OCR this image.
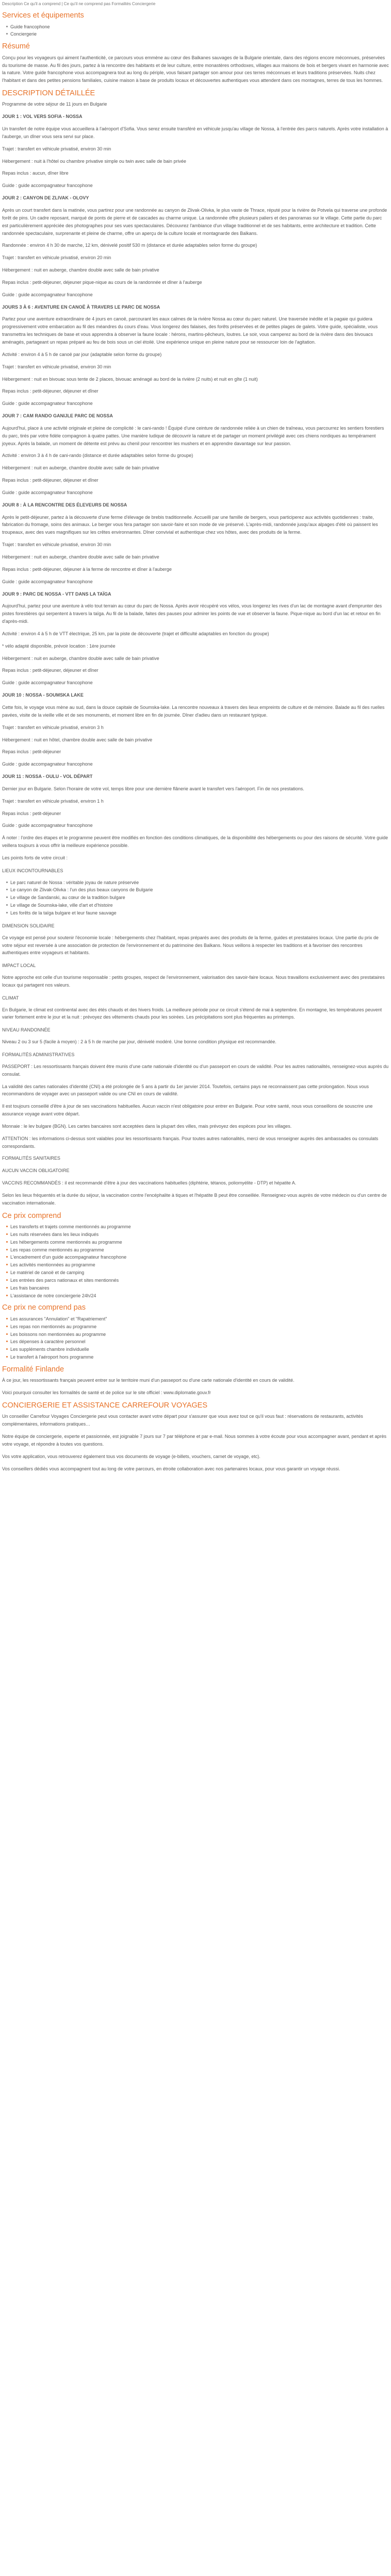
Description Ce qu'il a comprend | Ce qu'il ne comprend pas Formalités Conciergerie
Services et équipements
Guide francophone
Conciergerie
Résumé

Conçu pour les voyageurs qui aiment l'authenticité, ce parcours vous emmène au cœur des Balkanes sauvages de la Bulgarie orientale, dans des régions encore méconnues, préservées du tourisme de masse. Au fil des jours, partez à la rencontre des habitants et de leur culture, entre monastères orthodoxes, villages aux maisons de bois et bergers vivant en harmonie avec la nature. Votre guide francophone vous accompagnera tout au long du périple, vous faisant partager son amour pour ces terres méconnues et leurs traditions préservées. Nuits chez l'habitant et dans des petites pensions familiales, cuisine maison à base de produits locaux et découvertes authentiques vous attendent dans ces montagnes, terres de tous les hommes.

DESCRIPTION DÉTAILLÉE

Programme de votre séjour de 11 jours en Bulgarie

JOUR 1 : VOL VERS SOFIA - NOSSA

Un transfert de notre équipe vous accueillera à l'aéroport d'Sofia. Vous serez ensuite transféré en véhicule jusqu'au village de Nossa, à l'entrée des parcs naturels. Après votre installation à l'auberge, un dîner vous sera servi sur place.

Trajet : transfert en véhicule privatisé, environ 30 min

Hébergement : nuit à l'hôtel ou chambre privative simple ou twin avec salle de bain privée

Repas inclus : aucun, dîner libre

Guide : guide accompagnateur francophone

JOUR 2 : CANYON DE ZLIVAK - OLOVY

Après un court transfert dans la matinée, vous partirez pour une randonnée au canyon de Zlivak-Olivka, le plus vaste de Thrace, réputé pour la rivière de Potvela qui traverse une profonde forêt de pins. Un cadre reposant, marqué de ponts de pierre et de cascades au charme unique. La randonnée offre plusieurs paliers et des panoramas sur le village. Cette partie du parc est particulièrement appréciée des photographes pour ses vues spectaculaires. Découvrez l'ambiance d'un village traditionnel et de ses habitants, entre architecture et tradition. Cette randonnée spectaculaire, surprenante et pleine de charme, offre un aperçu de la culture locale et montagnarde des Balkans.

Randonnée : environ 4 h 30 de marche, 12 km, dénivelé positif 530 m (distance et durée adaptables selon forme du groupe)

Trajet : transfert en véhicule privatisé, environ 20 min

Hébergement : nuit en auberge, chambre double avec salle de bain privative

Repas inclus : petit-déjeuner, déjeuner pique-nique au cours de la randonnée et dîner à l'auberge

Guide : guide accompagnateur francophone

JOURS 3 À 6 : AVENTURE EN CANOË À TRAVERS LE PARC DE NOSSA

Partez pour une aventure extraordinaire de 4 jours en canoë, parcourant les eaux calmes de la rivière Nossa au cœur du parc naturel. Une traversée inédite et la pagaie qui guidera progressivement votre embarcation au fil des méandres du cours d'eau. Vous longerez des falaises, des forêts préservées et de petites plages de galets. Votre guide, spécialiste, vous transmettra les techniques de base et vous apprendra à observer la faune locale : hérons, martins-pêcheurs, loutres. Le soir, vous camperez au bord de la rivière dans des bivouacs aménagés, partageant un repas préparé au feu de bois sous un ciel étoilé. Une expérience unique en pleine nature pour se ressourcer loin de l'agitation.

Activité : environ 4 à 5 h de canoë par jour (adaptable selon forme du groupe)

Trajet : transfert en véhicule privatisé, environ 30 min

Hébergement : nuit en bivouac sous tente de 2 places, bivouac aménagé au bord de la rivière (2 nuits) et nuit en gîte (1 nuit)

Repas inclus : petit-déjeuner, déjeuner et dîner

Guide : guide accompagnateur francophone

JOUR 7 : CAM RANDO GANIJLE PARC DE NOSSA

Aujourd'hui, place à une activité originale et pleine de complicité : le cani-rando ! Équipé d'une ceinture de randonnée reliée à un chien de traîneau, vous parcourrez les sentiers forestiers du parc, tirés par votre fidèle compagnon à quatre pattes. Une manière ludique de découvrir la nature et de partager un moment privilégié avec ces chiens nordiques au tempérament joyeux. Après la balade, un moment de détente est prévu au chenil pour rencontrer les mushers et en apprendre davantage sur leur passion.

Activité : environ 3 à 4 h de cani-rando (distance et durée adaptables selon forme du groupe)

Hébergement : nuit en auberge, chambre double avec salle de bain privative

Repas inclus : petit-déjeuner, déjeuner et dîner

Guide : guide accompagnateur francophone

JOUR 8 : À LA RENCONTRE DES ÉLEVEURS DE NOSSA

Après le petit-déjeuner, partez à la découverte d'une ferme d'élevage de brebis traditionnelle. Accueilli par une famille de bergers, vous participerez aux activités quotidiennes : traite, fabrication du fromage, soins des animaux. Le berger vous fera partager son savoir-faire et son mode de vie préservé. L'après-midi, randonnée jusqu'aux alpages d'été où paissent les troupeaux, avec des vues magnifiques sur les crêtes environnantes. Dîner convivial et authentique chez vos hôtes, avec des produits de la ferme.

Trajet : transfert en véhicule privatisé, environ 30 min

Hébergement : nuit en auberge, chambre double avec salle de bain privative

Repas inclus : petit-déjeuner, déjeuner à la ferme de rencontre et dîner à l'auberge

Guide : guide accompagnateur francophone

JOUR 9 : PARC DE NOSSA - VTT DANS LA TAÏGA

Aujourd'hui, partez pour une aventure à vélo tout terrain au cœur du parc de Nossa. Après avoir récupéré vos vélos, vous longerez les rives d'un lac de montagne avant d'emprunter des pistes forestières qui serpentent à travers la taïga. Au fil de la balade, faites des pauses pour admirer les points de vue et observer la faune. Pique-nique au bord d'un lac et retour en fin d'après-midi.

Activité : environ 4 à 5 h de VTT électrique, 25 km, par la piste de découverte (trajet et difficulté adaptables en fonction du groupe)

* vélo adapté disponible, prévoir location : 1ère journée

Hébergement : nuit en auberge, chambre double avec salle de bain privative

Repas inclus : petit-déjeuner, déjeuner et dîner

Guide : guide accompagnateur francophone

JOUR 10 : NOSSA - SOUMSKA LAKE

Cette fois, le voyage vous mène au sud, dans la douce capitale de Soumska-lake. La rencontre nouveaux à travers des lieux empreints de culture et de mémoire. Balade au fil des ruelles pavées, visite de la vieille ville et de ses monuments, et moment libre en fin de journée. Dîner d'adieu dans un restaurant typique.

Trajet : transfert en véhicule privatisé, environ 3 h

Hébergement : nuit en hôtel, chambre double avec salle de bain privative

Repas inclus : petit-déjeuner

Guide : guide accompagnateur francophone

JOUR 11 : NOSSA - OULU - VOL DÉPART

Dernier jour en Bulgarie. Selon l'horaire de votre vol, temps libre pour une dernière flânerie avant le transfert vers l'aéroport. Fin de nos prestations.

Trajet : transfert en véhicule privatisé, environ 1 h

Repas inclus : petit-déjeuner

Guide : guide accompagnateur francophone

À noter : l'ordre des étapes et le programme peuvent être modifiés en fonction des conditions climatiques, de la disponibilité des hébergements ou pour des raisons de sécurité. Votre guide veillera toujours à vous offrir la meilleure expérience possible.

Les points forts de votre circuit :

LIEUX INCONTOURNABLES

Le parc naturel de Nossa : véritable joyau de nature préservée
Le canyon de Zlivak-Olivka : l'un des plus beaux canyons de Bulgarie
Le village de Sandanski, au cœur de la tradition bulgare
Le village de Soumska-lake, ville d'art et d'histoire
Les forêts de la taïga bulgare et leur faune sauvage

DIMENSION SOLIDAIRE

Ce voyage est pensé pour soutenir l'économie locale : hébergements chez l'habitant, repas préparés avec des produits de la ferme, guides et prestataires locaux. Une partie du prix de votre séjour est reversée à une association de protection de l'environnement et du patrimoine des Balkans. Nous veillons à respecter les traditions et à favoriser des rencontres authentiques entre voyageurs et habitants.

IMPACT LOCAL

Notre approche est celle d'un tourisme responsable : petits groupes, respect de l'environnement, valorisation des savoir-faire locaux. Nous travaillons exclusivement avec des prestataires locaux qui partagent nos valeurs.

CLIMAT

En Bulgarie, le climat est continental avec des étés chauds et des hivers froids. La meilleure période pour ce circuit s'étend de mai à septembre. En montagne, les températures peuvent varier fortement entre le jour et la nuit : prévoyez des vêtements chauds pour les soirées. Les précipitations sont plus fréquentes au printemps.

NIVEAU RANDONNÉE

Niveau 2 ou 3 sur 5 (facile à moyen) : 2 à 5 h de marche par jour, dénivelé modéré. Une bonne condition physique est recommandée.

FORMALITÉS ADMINISTRATIVES

PASSEPORT : Les ressortissants français doivent être munis d'une carte nationale d'identité ou d'un passeport en cours de validité. Pour les autres nationalités, renseignez-vous auprès du consulat.

La validité des cartes nationales d'identité (CNI) a été prolongée de 5 ans à partir du 1er janvier 2014. Toutefois, certains pays ne reconnaissent pas cette prolongation. Nous vous recommandons de voyager avec un passeport valide ou une CNI en cours de validité.

Il est toujours conseillé d'être à jour de ses vaccinations habituelles. Aucun vaccin n'est obligatoire pour entrer en Bulgarie. Pour votre santé, nous vous conseillons de souscrire une assurance voyage avant votre départ.

Monnaie : le lev bulgare (BGN). Les cartes bancaires sont acceptées dans la plupart des villes, mais prévoyez des espèces pour les villages.

ATTENTION : les informations ci-dessus sont valables pour les ressortissants français. Pour toutes autres nationalités, merci de vous renseigner auprès des ambassades ou consulats correspondants.

FORMALITÉS SANITAIRES

AUCUN VACCIN OBLIGATOIRE

VACCINS RECOMMANDÉS : il est recommandé d'être à jour des vaccinations habituelles (diphtérie, tétanos, poliomyélite - DTP) et hépatite A.

Selon les lieux fréquentés et la durée du séjour, la vaccination contre l'encéphalite à tiques et l'hépatite B peut être conseillée. Renseignez-vous auprès de votre médecin ou d'un centre de vaccination internationale.

Ce prix comprend
Les transferts et trajets comme mentionnés au programme
Les nuits réservées dans les lieux indiqués
Les hébergements comme mentionnés au programme
Les repas comme mentionnés au programme
L'encadrement d'un guide accompagnateur francophone
Les activités mentionnées au programme
Le matériel de canoë et de camping
Les entrées des parcs nationaux et sites mentionnés
Les frais bancaires
L'assistance de notre conciergerie 24h/24
Ce prix ne comprend pas
Les assurances "Annulation" et "Rapatriement"
Les repas non mentionnés au programme
Les boissons non mentionnées au programme
Les dépenses à caractère personnel
Les suppléments chambre individuelle
Le transfert à l'aéroport hors programme
Formalité Finlande

À ce jour, les ressortissants français peuvent entrer sur le territoire muni d'un passeport ou d'une carte nationale d'identité en cours de validité.

Voici pourquoi consulter les formalités de santé et de police sur le site officiel : www.diplomatie.gouv.fr

CONCIERGERIE ET ASSISTANCE CARREFOUR VOYAGES

Un conseiller Carrefour Voyages Conciergerie peut vous contacter avant votre départ pour s'assurer que vous avez tout ce qu'il vous faut : réservations de restaurants, activités complémentaires, informations pratiques…

Notre équipe de conciergerie, experte et passionnée, est joignable 7 jours sur 7 par téléphone et par e-mail. Nous sommes à votre écoute pour vous accompagner avant, pendant et après votre voyage, et répondre à toutes vos questions.

Vos votre application, vous retrouverez également tous vos documents de voyage (e-billets, vouchers, carnet de voyage, etc).

Vos conseillers dédiés vous accompagnent tout au long de votre parcours, en étroite collaboration avec nos partenaires locaux, pour vous garantir un voyage réussi.
